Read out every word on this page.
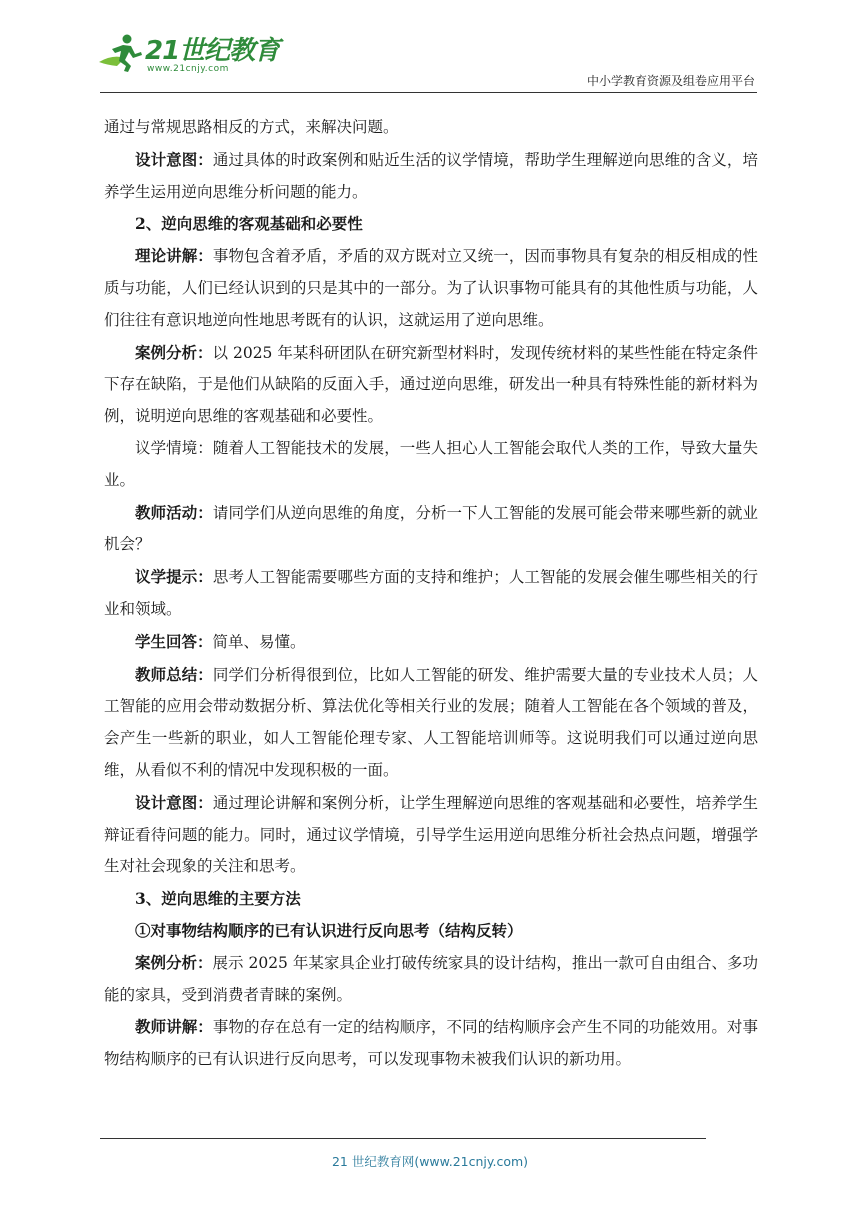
21世纪教育
www.21cnjy.com
中小学教育资源及组卷应用平台

通过与常规思路相反的方式，来解决问题。

设计意图：通过具体的时政案例和贴近生活的议学情境，帮助学生理解逆向思维的含义，培养学生运用逆向思维分析问题的能力。

2、逆向思维的客观基础和必要性

理论讲解：事物包含着矛盾，矛盾的双方既对立又统一，因而事物具有复杂的相反相成的性质与功能，人们已经认识到的只是其中的一部分。为了认识事物可能具有的其他性质与功能，人们往往有意识地逆向性地思考既有的认识，这就运用了逆向思维。

案例分析：以 2025 年某科研团队在研究新型材料时，发现传统材料的某些性能在特定条件下存在缺陷，于是他们从缺陷的反面入手，通过逆向思维，研发出一种具有特殊性能的新材料为例，说明逆向思维的客观基础和必要性。

议学情境：随着人工智能技术的发展，一些人担心人工智能会取代人类的工作，导致大量失业。

教师活动：请同学们从逆向思维的角度，分析一下人工智能的发展可能会带来哪些新的就业机会？

议学提示：思考人工智能需要哪些方面的支持和维护；人工智能的发展会催生哪些相关的行业和领域。

学生回答：简单、易懂。

教师总结：同学们分析得很到位，比如人工智能的研发、维护需要大量的专业技术人员；人工智能的应用会带动数据分析、算法优化等相关行业的发展；随着人工智能在各个领域的普及，会产生一些新的职业，如人工智能伦理专家、人工智能培训师等。这说明我们可以通过逆向思维，从看似不利的情况中发现积极的一面。

设计意图：通过理论讲解和案例分析，让学生理解逆向思维的客观基础和必要性，培养学生辩证看待问题的能力。同时，通过议学情境，引导学生运用逆向思维分析社会热点问题，增强学生对社会现象的关注和思考。

3、逆向思维的主要方法

①对事物结构顺序的已有认识进行反向思考（结构反转）

案例分析：展示 2025 年某家具企业打破传统家具的设计结构，推出一款可自由组合、多功能的家具，受到消费者青睐的案例。

教师讲解：事物的存在总有一定的结构顺序，不同的结构顺序会产生不同的功能效用。对事物结构顺序的已有认识进行反向思考，可以发现事物未被我们认识的新功用。

21 世纪教育网(www.21cnjy.com)
